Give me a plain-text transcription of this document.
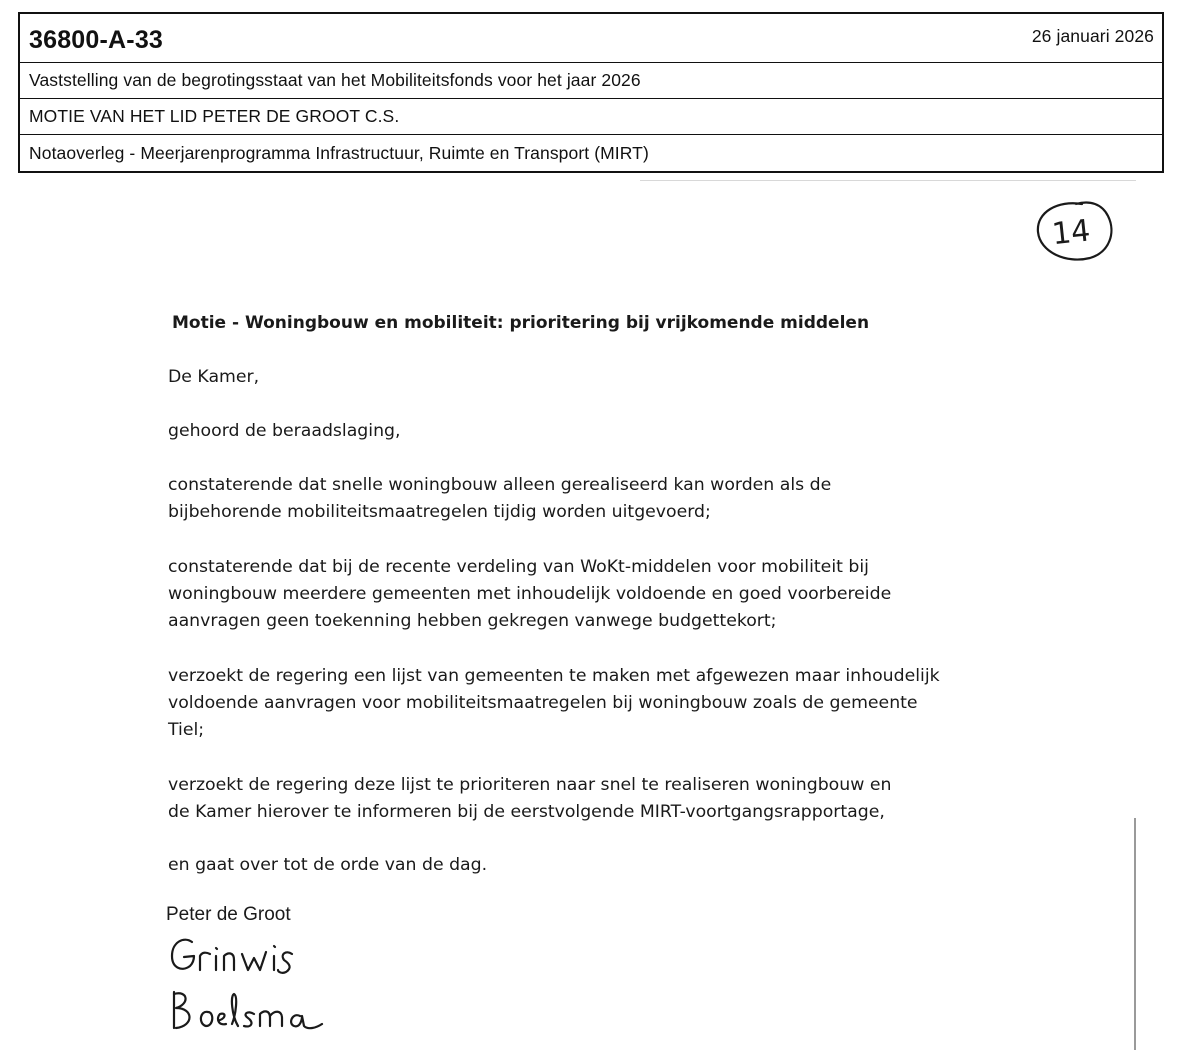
36800-A-33	26 januari 2026
Vaststelling van de begrotingsstaat van het Mobiliteitsfonds voor het jaar 2026
MOTIE VAN HET LID PETER DE GROOT C.S.
Notaoverleg - Meerjarenprogramma Infrastructuur, Ruimte en Transport (MIRT)
14
Motie - Woningbouw en mobiliteit: prioritering bij vrijkomende middelen
De Kamer,
gehoord de beraadslaging,
constaterende dat snelle woningbouw alleen gerealiseerd kan worden als de
bijbehorende mobiliteitsmaatregelen tijdig worden uitgevoerd;
constaterende dat bij de recente verdeling van WoKt-middelen voor mobiliteit bij
woningbouw meerdere gemeenten met inhoudelijk voldoende en goed voorbereide
aanvragen geen toekenning hebben gekregen vanwege budgettekort;
verzoekt de regering een lijst van gemeenten te maken met afgewezen maar inhoudelijk
voldoende aanvragen voor mobiliteitsmaatregelen bij woningbouw zoals de gemeente
Tiel;
verzoekt de regering deze lijst te prioriteren naar snel te realiseren woningbouw en
de Kamer hierover te informeren bij de eerstvolgende MIRT-voortgangsrapportage,
en gaat over tot de orde van de dag.
Peter de Groot
